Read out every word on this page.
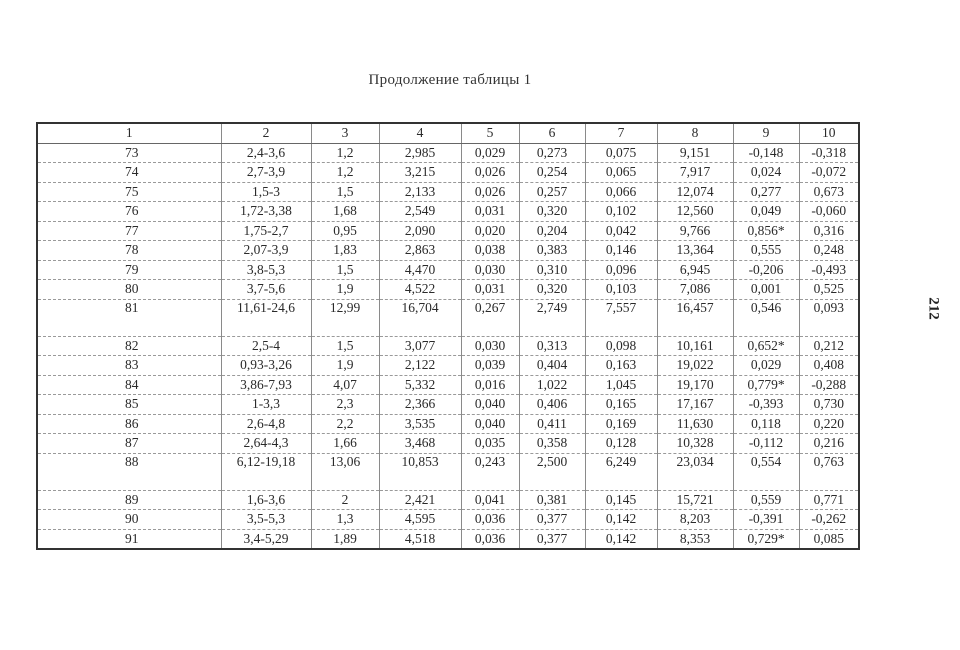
Продолжение таблицы 1
212
1	2	3	4	5	6	7	8	9	10
73	2,4-3,6	1,2	2,985	0,029	0,273	0,075	9,151	-0,148	-0,318
74	2,7-3,9	1,2	3,215	0,026	0,254	0,065	7,917	0,024	-0,072
75	1,5-3	1,5	2,133	0,026	0,257	0,066	12,074	0,277	0,673
76	1,72-3,38	1,68	2,549	0,031	0,320	0,102	12,560	0,049	-0,060
77	1,75-2,7	0,95	2,090	0,020	0,204	0,042	9,766	0,856*	0,316
78	2,07-3,9	1,83	2,863	0,038	0,383	0,146	13,364	0,555	0,248
79	3,8-5,3	1,5	4,470	0,030	0,310	0,096	6,945	-0,206	-0,493
80	3,7-5,6	1,9	4,522	0,031	0,320	0,103	7,086	0,001	0,525
81	11,61-24,6	12,99	16,704	0,267	2,749	7,557	16,457	0,546	0,093
82	2,5-4	1,5	3,077	0,030	0,313	0,098	10,161	0,652*	0,212
83	0,93-3,26	1,9	2,122	0,039	0,404	0,163	19,022	0,029	0,408
84	3,86-7,93	4,07	5,332	0,016	1,022	1,045	19,170	0,779*	-0,288
85	1-3,3	2,3	2,366	0,040	0,406	0,165	17,167	-0,393	0,730
86	2,6-4,8	2,2	3,535	0,040	0,411	0,169	11,630	0,118	0,220
87	2,64-4,3	1,66	3,468	0,035	0,358	0,128	10,328	-0,112	0,216
88	6,12-19,18	13,06	10,853	0,243	2,500	6,249	23,034	0,554	0,763
89	1,6-3,6	2	2,421	0,041	0,381	0,145	15,721	0,559	0,771
90	3,5-5,3	1,3	4,595	0,036	0,377	0,142	8,203	-0,391	-0,262
91	3,4-5,29	1,89	4,518	0,036	0,377	0,142	8,353	0,729*	0,085
